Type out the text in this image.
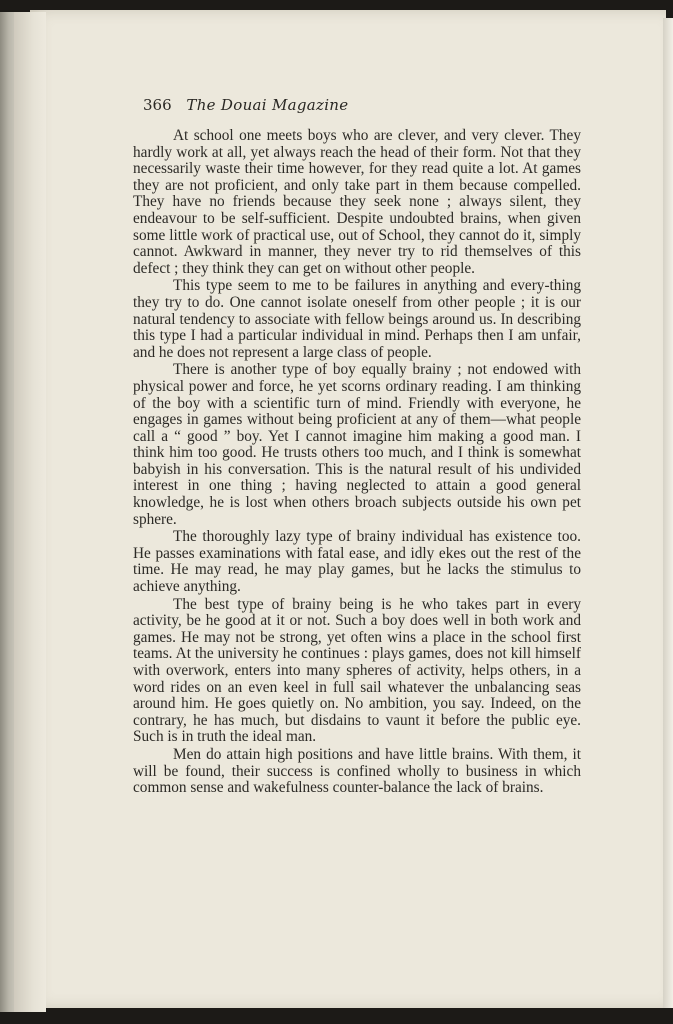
366 The Douai Magazine

At school one meets boys who are clever, and very clever. They hardly work at all, yet always reach the head of their form. Not that they necessarily waste their time however, for they read quite a lot. At games they are not proficient, and only take part in them because compelled. They have no friends because they seek none ; always silent, they endeavour to be self-sufficient. Despite undoubted brains, when given some little work of practical use, out of School, they cannot do it, simply cannot. Awkward in manner, they never try to rid themselves of this defect ; they think they can get on without other people.

This type seem to me to be failures in anything and every-thing they try to do. One cannot isolate oneself from other people ; it is our natural tendency to associate with fellow beings around us. In describing this type I had a particular individual in mind. Perhaps then I am unfair, and he does not represent a large class of people.

There is another type of boy equally brainy ; not endowed with physical power and force, he yet scorns ordinary reading. I am thinking of the boy with a scientific turn of mind. Friendly with everyone, he engages in games without being proficient at any of them—what people call a “ good ” boy. Yet I cannot imagine him making a good man. I think him too good. He trusts others too much, and I think is somewhat babyish in his conversation. This is the natural result of his undivided interest in one thing ; having neglected to attain a good general knowledge, he is lost when others broach subjects outside his own pet sphere.

The thoroughly lazy type of brainy individual has existence too. He passes examinations with fatal ease, and idly ekes out the rest of the time. He may read, he may play games, but he lacks the stimulus to achieve anything.

The best type of brainy being is he who takes part in every activity, be he good at it or not. Such a boy does well in both work and games. He may not be strong, yet often wins a place in the school first teams. At the university he continues : plays games, does not kill himself with overwork, enters into many spheres of activity, helps others, in a word rides on an even keel in full sail whatever the unbalancing seas around him. He goes quietly on. No ambition, you say. Indeed, on the contrary, he has much, but disdains to vaunt it before the public eye. Such is in truth the ideal man.

Men do attain high positions and have little brains. With them, it will be found, their success is confined wholly to business in which common sense and wakefulness counter-balance the lack of brains.
